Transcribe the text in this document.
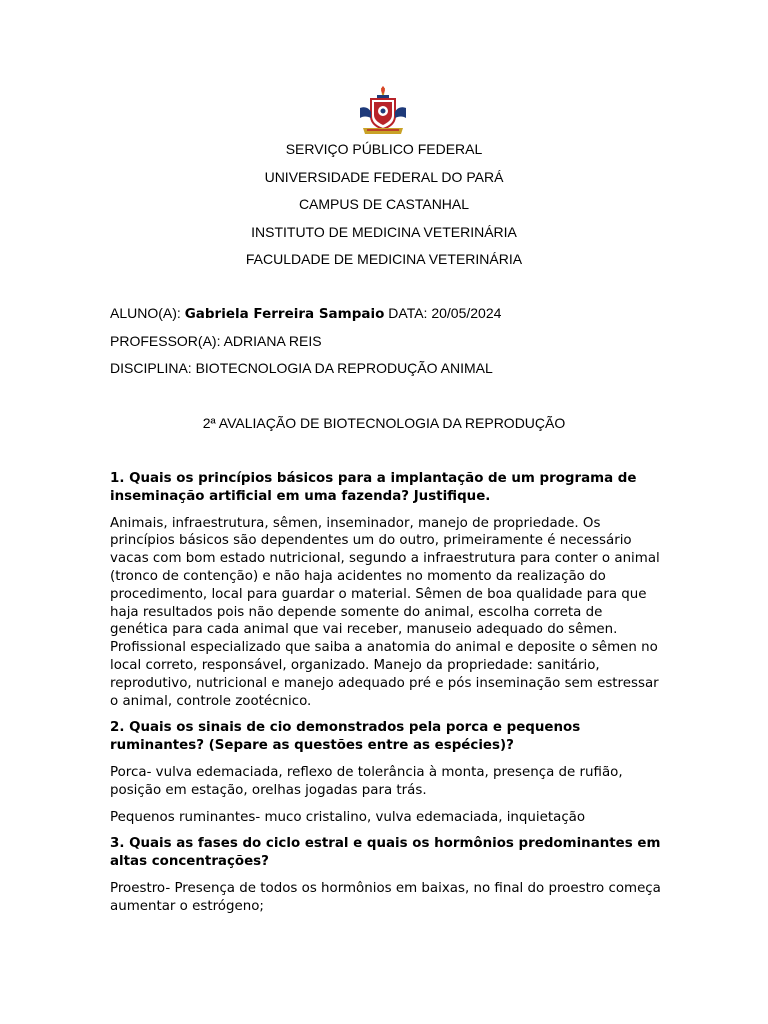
SERVIÇO PÚBLICO FEDERAL
UNIVERSIDADE FEDERAL DO PARÁ
CAMPUS DE CASTANHAL
INSTITUTO DE MEDICINA VETERINÁRIA
FACULDADE DE MEDICINA VETERINÁRIA
ALUNO(A): Gabriela Ferreira Sampaio DATA: 20/05/2024
PROFESSOR(A): ADRIANA REIS
DISCIPLINA: BIOTECNOLOGIA DA REPRODUÇÃO ANIMAL
2ª AVALIAÇÃO DE BIOTECNOLOGIA DA REPRODUÇÃO

1. Quais os princípios básicos para a implantação de um programa de inseminação artificial em uma fazenda? Justifique.

Animais, infraestrutura, sêmen, inseminador, manejo de propriedade. Os princípios básicos são dependentes um do outro, primeiramente é necessário vacas com bom estado nutricional, segundo a infraestrutura para conter o animal (tronco de contenção) e não haja acidentes no momento da realização do procedimento, local para guardar o material. Sêmen de boa qualidade para que haja resultados pois não depende somente do animal, escolha correta de genética para cada animal que vai receber, manuseio adequado do sêmen. Profissional especializado que saiba a anatomia do animal e deposite o sêmen no local correto, responsável, organizado. Manejo da propriedade: sanitário, reprodutivo, nutricional e manejo adequado pré e pós inseminação sem estressar o animal, controle zootécnico.

2. Quais os sinais de cio demonstrados pela porca e pequenos ruminantes? (Separe as questões entre as espécies)?

Porca- vulva edemaciada, reflexo de tolerância à monta, presença de rufião, posição em estação, orelhas jogadas para trás.

Pequenos ruminantes- muco cristalino, vulva edemaciada, inquietação

3. Quais as fases do ciclo estral e quais os hormônios predominantes em altas concentrações?

Proestro- Presença de todos os hormônios em baixas, no final do proestro começa aumentar o estrógeno;
